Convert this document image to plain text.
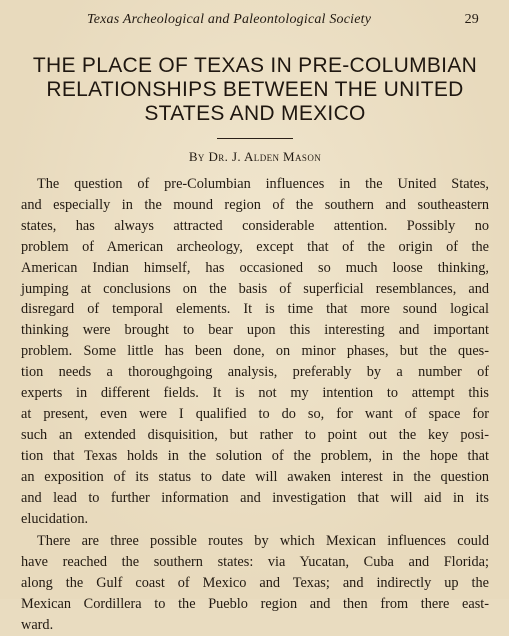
Texas Archeological and Paleontological Society	29
THE PLACE OF TEXAS IN PRE-COLUMBIAN
RELATIONSHIPS BETWEEN THE UNITED
STATES AND MEXICO
By Dr. J. Alden Mason

The question of pre-Columbian influences in the United States,
and especially in the mound region of the southern and southeastern
states, has always attracted considerable attention. Possibly no
problem of American archeology, except that of the origin of the
American Indian himself, has occasioned so much loose thinking,
jumping at conclusions on the basis of superficial resemblances, and
disregard of temporal elements. It is time that more sound logical
thinking were brought to bear upon this interesting and important
problem. Some little has been done, on minor phases, but the ques-
tion needs a thoroughgoing analysis, preferably by a number of
experts in different fields. It is not my intention to attempt this
at present, even were I qualified to do so, for want of space for
such an extended disquisition, but rather to point out the key posi-
tion that Texas holds in the solution of the problem, in the hope that
an exposition of its status to date will awaken interest in the question
and lead to further information and investigation that will aid in its
elucidation.

There are three possible routes by which Mexican influences could
have reached the southern states: via Yucatan, Cuba and Florida;
along the Gulf coast of Mexico and Texas; and indirectly up the
Mexican Cordillera to the Pueblo region and then from there east-
ward.
